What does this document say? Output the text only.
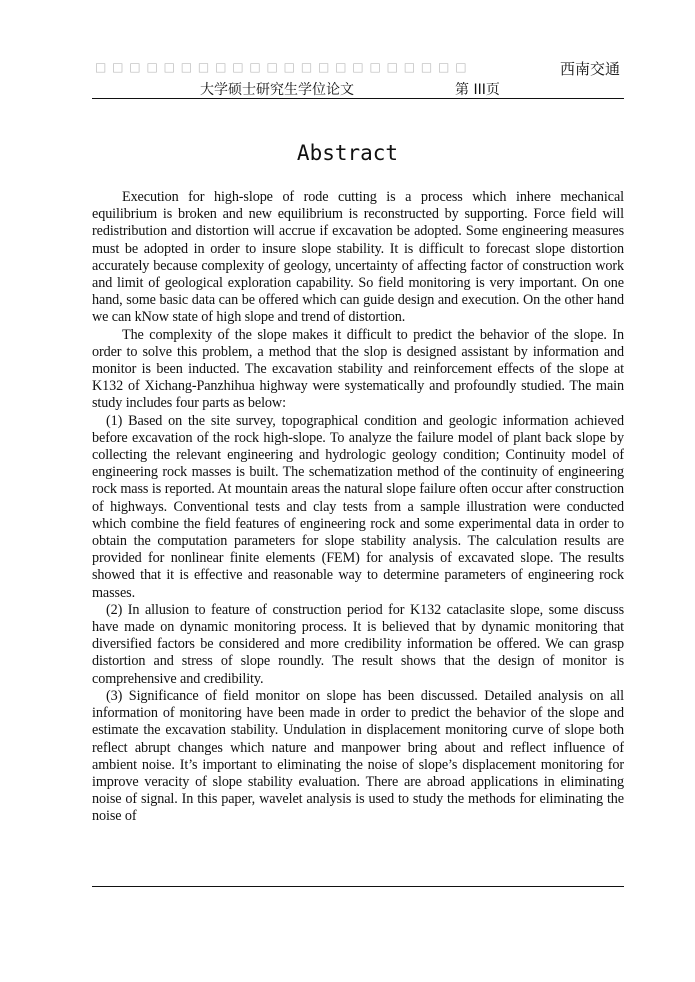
□ □ □ □ □ □ □ □ □ □ □ □ □ □ □ □ □ □ □ □ □ □	西南交通
大学硕士研究生学位论文	第 III页
Abstract

Execution for high-slope of rode cutting is a process which inhere mechanical equilibrium is broken and new equilibrium is reconstructed by supporting. Force field will redistribution and distortion will accrue if excavation be adopted. Some engineering measures must be adopted in order to insure slope stability. It is difficult to forecast slope distortion accurately because complexity of geology, uncertainty of affecting factor of construction work and limit of geological exploration capability. So field monitoring is very important. On one hand, some basic data can be offered which can guide design and execution. On the other hand we can kNow state of high slope and trend of distortion.

The complexity of the slope makes it difficult to predict the behavior of the slope. In order to solve this problem, a method that the slop is designed assistant by information and monitor is been inducted. The excavation stability and reinforcement effects of the slope at K132 of Xichang-Panzhihua highway were systematically and profoundly studied. The main study includes four parts as below:

(1) Based on the site survey, topographical condition and geologic information achieved before excavation of the rock high-slope. To analyze the failure model of plant back slope by collecting the relevant engineering and hydrologic geology condition; Continuity model of engineering rock masses is built. The schematization method of the continuity of engineering rock mass is reported. At mountain areas the natural slope failure often occur after construction of highways. Conventional tests and clay tests from a sample illustration were conducted which combine the field features of engineering rock and some experimental data in order to obtain the computation parameters for slope stability analysis. The calculation results are provided for nonlinear finite elements (FEM) for analysis of excavated slope. The results showed that it is effective and reasonable way to determine parameters of engineering rock masses.

(2) In allusion to feature of construction period for K132 cataclasite slope, some discuss have made on dynamic monitoring process. It is believed that by dynamic monitoring that diversified factors be considered and more credibility information be offered. We can grasp distortion and stress of slope roundly. The result shows that the design of monitor is comprehensive and credibility.

(3) Significance of field monitor on slope has been discussed. Detailed analysis on all information of monitoring have been made in order to predict the behavior of the slope and estimate the excavation stability. Undulation in displacement monitoring curve of slope both reflect abrupt changes which nature and manpower bring about and reflect influence of ambient noise. It’s important to eliminating the noise of slope’s displacement monitoring for improve veracity of slope stability evaluation. There are abroad applications in eliminating noise of signal. In this paper, wavelet analysis is used to study the methods for eliminating the noise of
